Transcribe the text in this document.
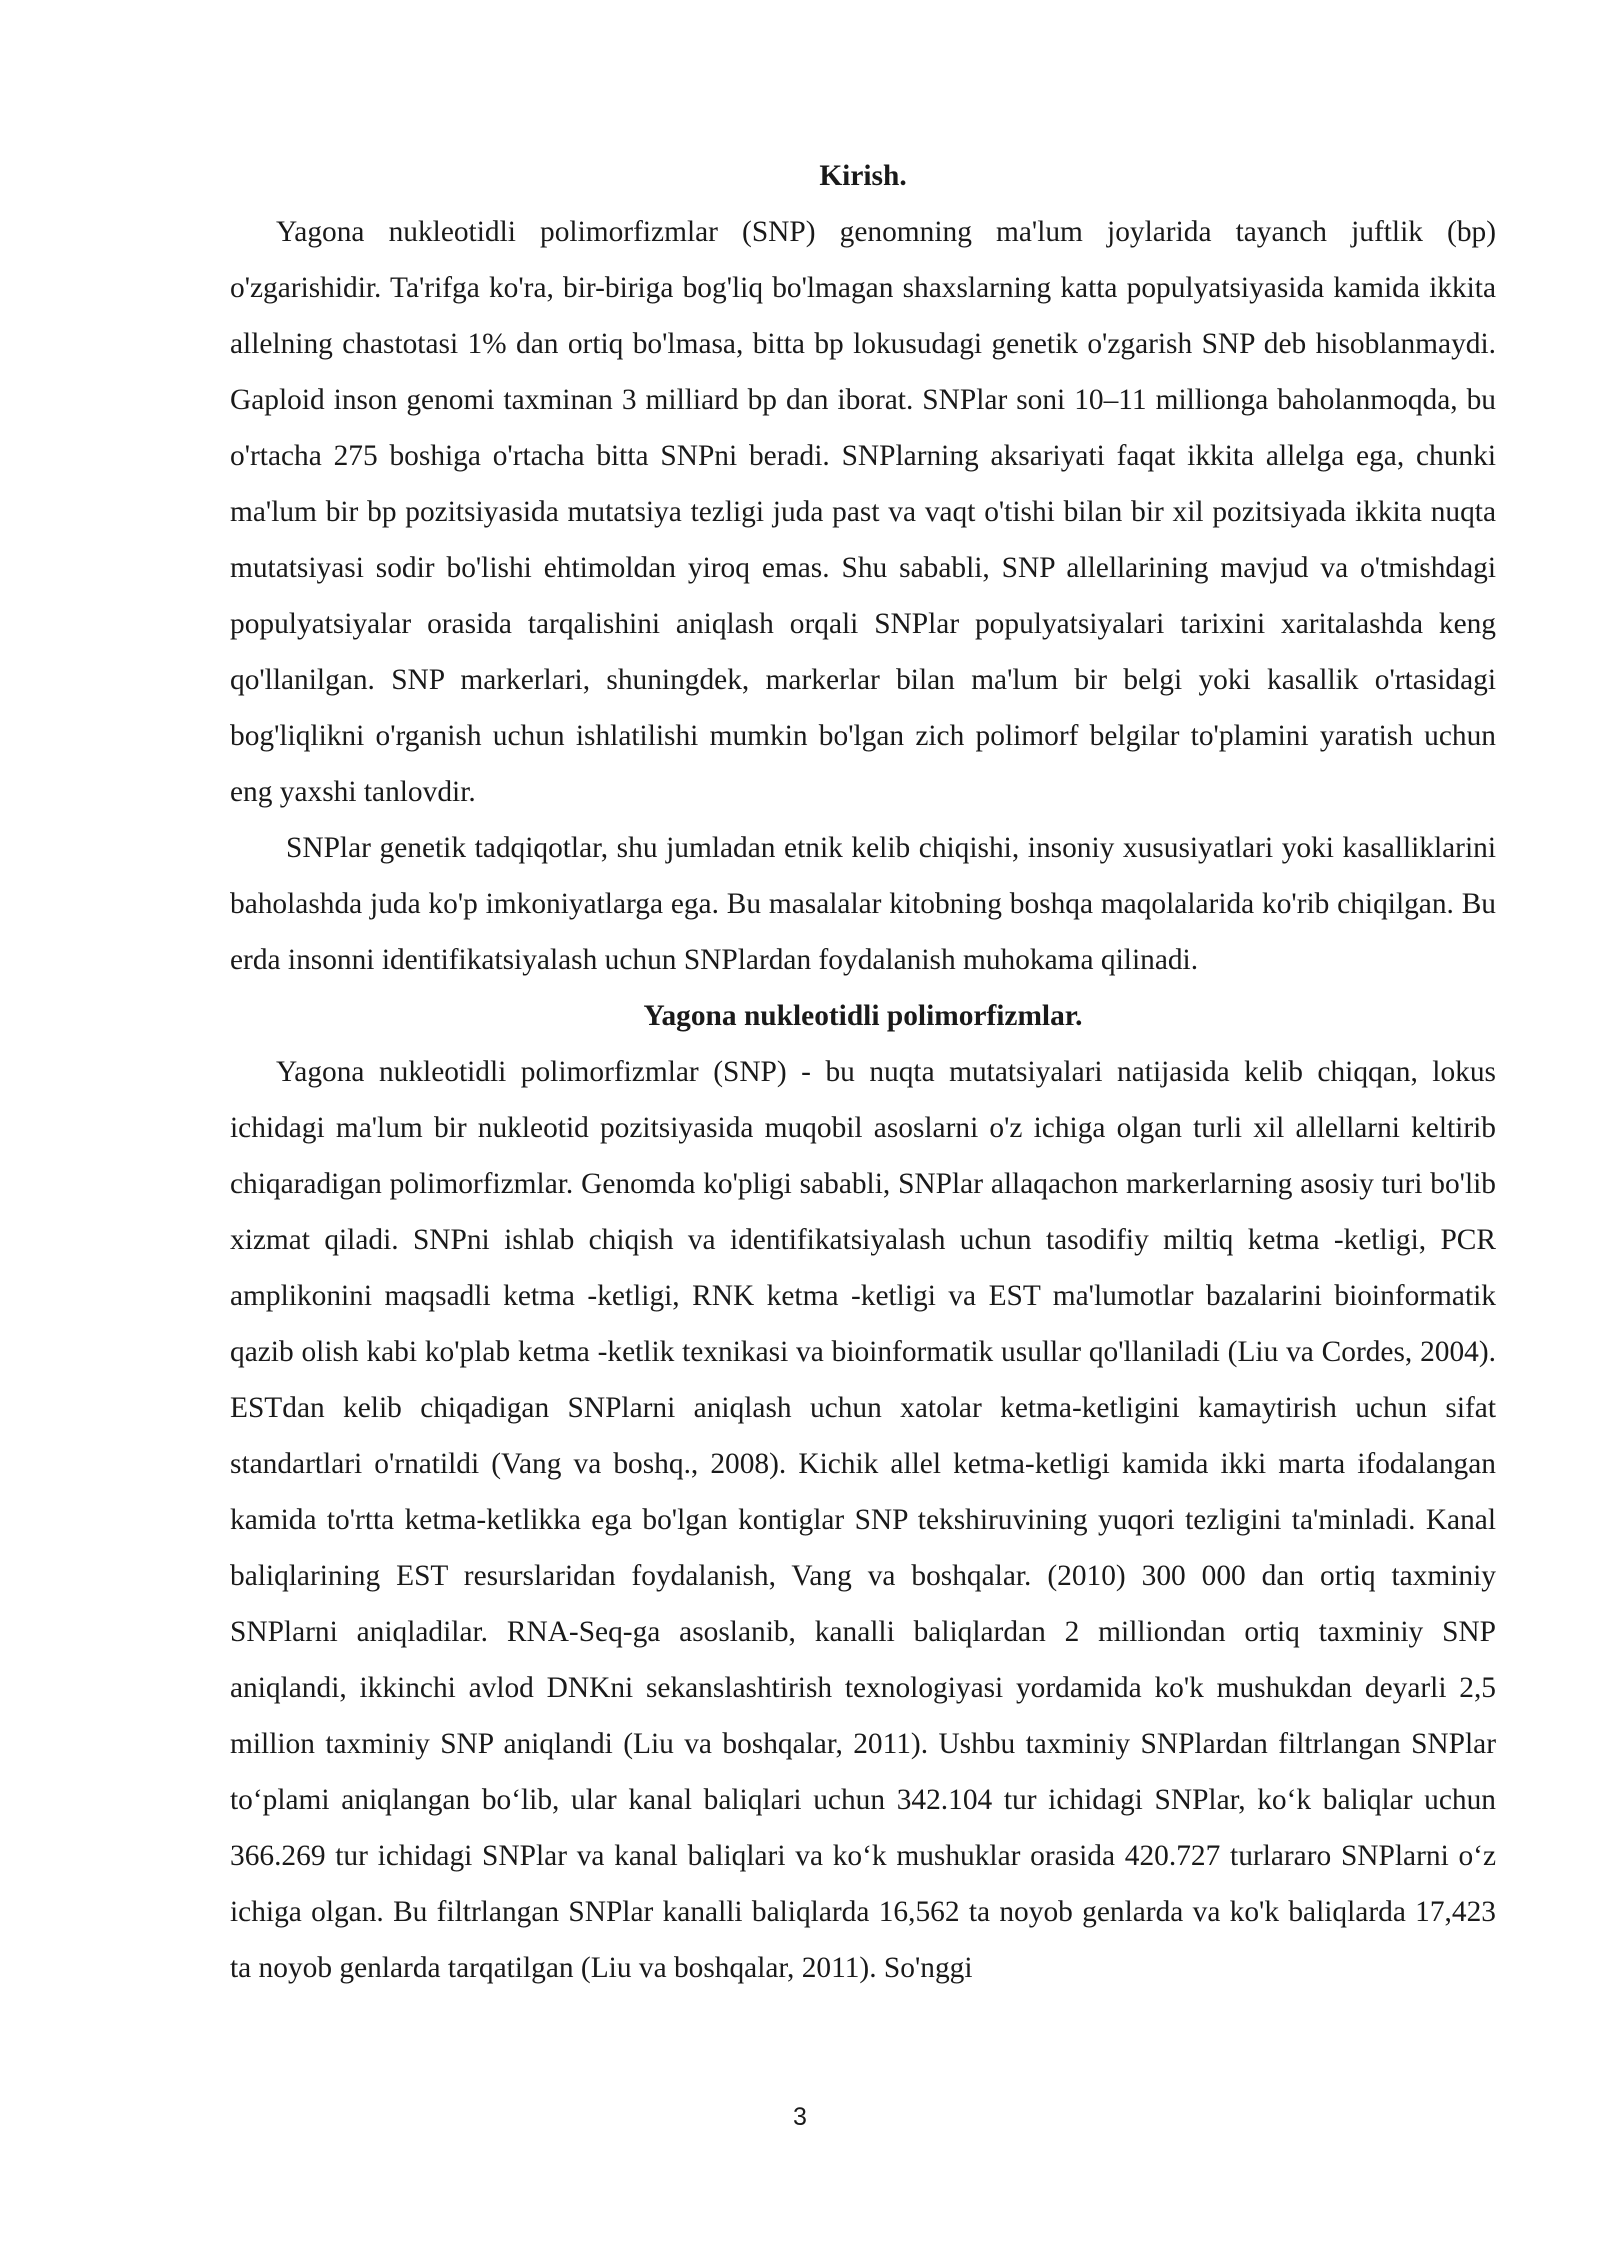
Kirish.

Yagona nukleotidli polimorfizmlar (SNP) genomning ma'lum joylarida tayanch juftlik (bp) o'zgarishidir. Ta'rifga ko'ra, bir-biriga bog'liq bo'lmagan shaxslarning katta populyatsiyasida kamida ikkita allelning chastotasi 1% dan ortiq bo'lmasa, bitta bp lokusudagi genetik o'zgarish SNP deb hisoblanmaydi. Gaploid inson genomi taxminan 3 milliard bp dan iborat. SNPlar soni 10–11 millionga baholanmoqda, bu o'rtacha 275 boshiga o'rtacha bitta SNPni beradi. SNPlarning aksariyati faqat ikkita allelga ega, chunki ma'lum bir bp pozitsiyasida mutatsiya tezligi juda past va vaqt o'tishi bilan bir xil pozitsiyada ikkita nuqta mutatsiyasi sodir bo'lishi ehtimoldan yiroq emas. Shu sababli, SNP allellarining mavjud va o'tmishdagi populyatsiyalar orasida tarqalishini aniqlash orqali SNPlar populyatsiyalari tarixini xaritalashda keng qo'llanilgan. SNP markerlari, shuningdek, markerlar bilan ma'lum bir belgi yoki kasallik o'rtasidagi bog'liqlikni o'rganish uchun ishlatilishi mumkin bo'lgan zich polimorf belgilar to'plamini yaratish uchun eng yaxshi tanlovdir.

SNPlar genetik tadqiqotlar, shu jumladan etnik kelib chiqishi, insoniy xususiyatlari yoki kasalliklarini baholashda juda ko'p imkoniyatlarga ega. Bu masalalar kitobning boshqa maqolalarida ko'rib chiqilgan. Bu erda insonni identifikatsiyalash uchun SNPlardan foydalanish muhokama qilinadi.

Yagona nukleotidli polimorfizmlar.

Yagona nukleotidli polimorfizmlar (SNP) - bu nuqta mutatsiyalari natijasida kelib chiqqan, lokus ichidagi ma'lum bir nukleotid pozitsiyasida muqobil asoslarni o'z ichiga olgan turli xil allellarni keltirib chiqaradigan polimorfizmlar. Genomda ko'pligi sababli, SNPlar allaqachon markerlarning asosiy turi bo'lib xizmat qiladi. SNPni ishlab chiqish va identifikatsiyalash uchun tasodifiy miltiq ketma -ketligi, PCR amplikonini maqsadli ketma -ketligi, RNK ketma -ketligi va EST ma'lumotlar bazalarini bioinformatik qazib olish kabi ko'plab ketma -ketlik texnikasi va bioinformatik usullar qo'llaniladi (Liu va Cordes, 2004). ESTdan kelib chiqadigan SNPlarni aniqlash uchun xatolar ketma-ketligini kamaytirish uchun sifat standartlari o'rnatildi (Vang va boshq., 2008). Kichik allel ketma-ketligi kamida ikki marta ifodalangan kamida to'rtta ketma-ketlikka ega bo'lgan kontiglar SNP tekshiruvining yuqori tezligini ta'minladi. Kanal baliqlarining EST resurslaridan foydalanish, Vang va boshqalar. (2010) 300 000 dan ortiq taxminiy SNPlarni aniqladilar. RNA-Seq-ga asoslanib, kanalli baliqlardan 2 milliondan ortiq taxminiy SNP aniqlandi, ikkinchi avlod DNKni sekanslashtirish texnologiyasi yordamida ko'k mushukdan deyarli 2,5 million taxminiy SNP aniqlandi (Liu va boshqalar, 2011). Ushbu taxminiy SNPlardan filtrlangan SNPlar to‘plami aniqlangan bo‘lib, ular kanal baliqlari uchun 342.104 tur ichidagi SNPlar, ko‘k baliqlar uchun 366.269 tur ichidagi SNPlar va kanal baliqlari va ko‘k mushuklar orasida 420.727 turlararo SNPlarni o‘z ichiga olgan. Bu filtrlangan SNPlar kanalli baliqlarda 16,562 ta noyob genlarda va ko'k baliqlarda 17,423 ta noyob genlarda tarqatilgan (Liu va boshqalar, 2011). So'nggi

3
